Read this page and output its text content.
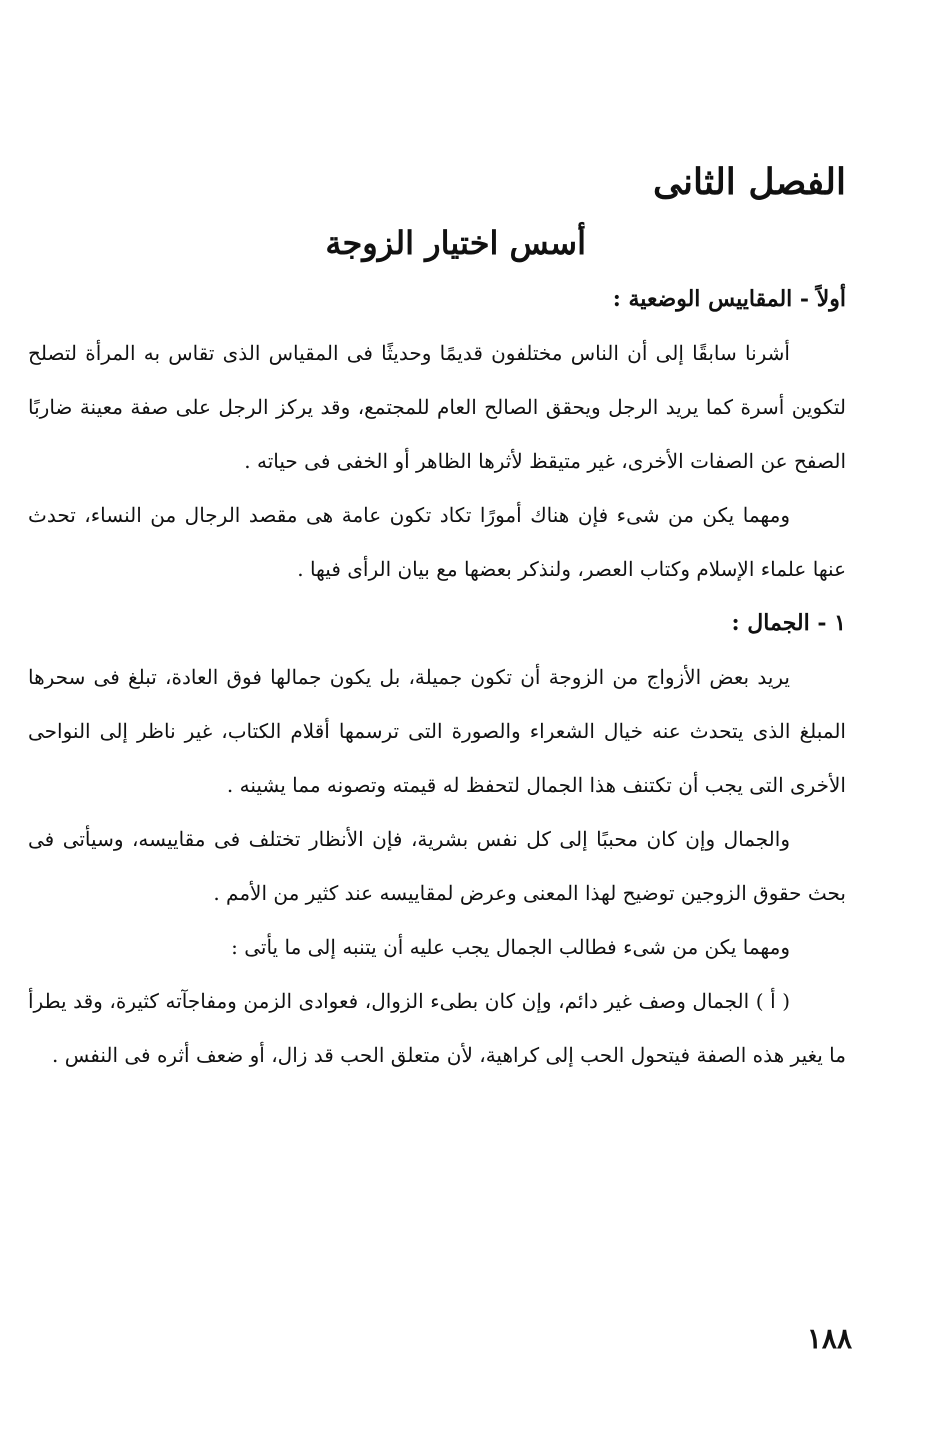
الفصل الثانى
أسس اختيار الزوجة
أولاً - المقاييس الوضعية :

أشرنا سابقًا إلى أن الناس مختلفون قديمًا وحديثًا فى المقياس الذى تقاس به المرأة لتصلح لتكوين أسرة كما يريد الرجل ويحقق الصالح العام للمجتمع، وقد يركز الرجل على صفة معينة ضاربًا الصفح عن الصفات الأخرى، غير متيقظ لأثرها الظاهر أو الخفى فى حياته .

ومهما يكن من شىء فإن هناك أمورًا تكاد تكون عامة هى مقصد الرجال من النساء، تحدث عنها علماء الإسلام وكتاب العصر، ولنذكر بعضها مع بيان الرأى فيها .

١ - الجمال :

يريد بعض الأزواج من الزوجة أن تكون جميلة، بل يكون جمالها فوق العادة، تبلغ فى سحرها المبلغ الذى يتحدث عنه خيال الشعراء والصورة التى ترسمها أقلام الكتاب، غير ناظر إلى النواحى الأخرى التى يجب أن تكتنف هذا الجمال لتحفظ له قيمته وتصونه مما يشينه .

والجمال وإن كان محببًا إلى كل نفس بشرية، فإن الأنظار تختلف فى مقاييسه، وسيأتى فى بحث حقوق الزوجين توضيح لهذا المعنى وعرض لمقاييسه عند كثير من الأمم .

ومهما يكن من شىء فطالب الجمال يجب عليه أن يتنبه إلى ما يأتى :

( أ ) الجمال وصف غير دائم، وإن كان بطىء الزوال، فعوادى الزمن ومفاجآته كثيرة، وقد يطرأ ما يغير هذه الصفة فيتحول الحب إلى كراهية، لأن متعلق الحب قد زال، أو ضعف أثره فى النفس .

١٨٨
